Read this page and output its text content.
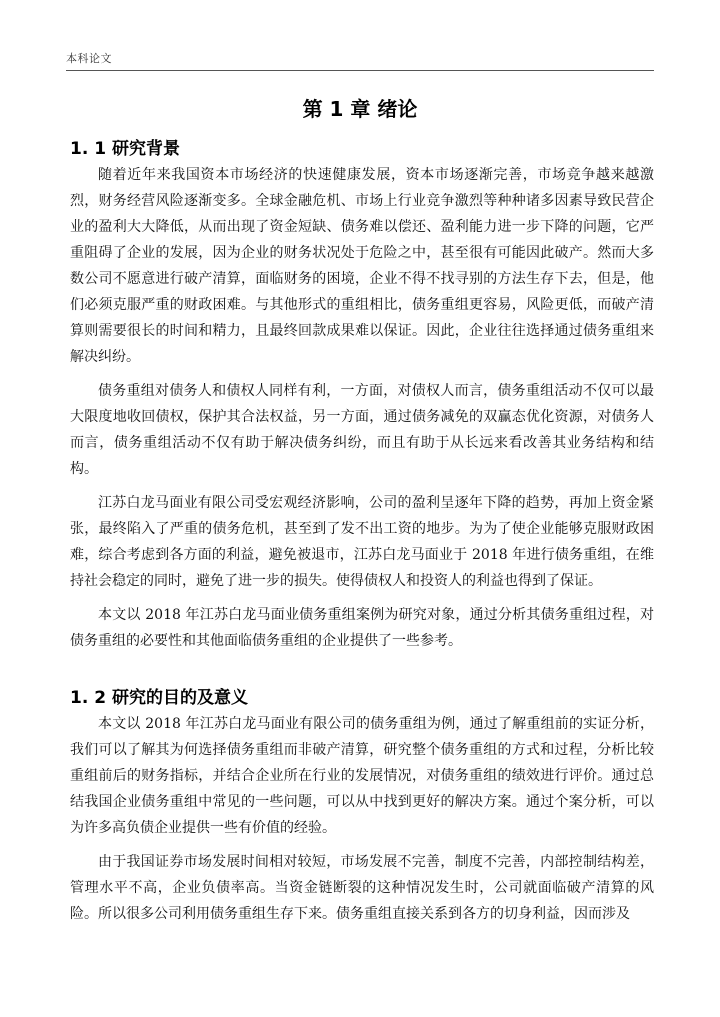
本科论文
第 1 章 绪论
1. 1 研究背景

随着近年来我国资本市场经济的快速健康发展，资本市场逐渐完善，市场竞争越来越激烈，财务经营风险逐渐变多。全球金融危机、市场上行业竞争激烈等种种诸多因素导致民营企业的盈利大大降低，从而出现了资金短缺、债务难以偿还、盈利能力进一步下降的问题，它严重阻碍了企业的发展，因为企业的财务状况处于危险之中，甚至很有可能因此破产。然而大多数公司不愿意进行破产清算，面临财务的困境，企业不得不找寻别的方法生存下去，但是，他们必须克服严重的财政困难。与其他形式的重组相比，债务重组更容易，风险更低，而破产清算则需要很长的时间和精力，且最终回款成果难以保证。因此，企业往往选择通过债务重组来解决纠纷。

债务重组对债务人和债权人同样有利，一方面，对债权人而言，债务重组活动不仅可以最大限度地收回债权，保护其合法权益，另一方面，通过债务减免的双赢态优化资源，对债务人而言，债务重组活动不仅有助于解决债务纠纷，而且有助于从长远来看改善其业务结构和结构。

江苏白龙马面业有限公司受宏观经济影响，公司的盈利呈逐年下降的趋势，再加上资金紧张，最终陷入了严重的债务危机，甚至到了发不出工资的地步。为为了使企业能够克服财政困难，综合考虑到各方面的利益，避免被退市，江苏白龙马面业于 2018 年进行债务重组，在维持社会稳定的同时，避免了进一步的损失。使得债权人和投资人的利益也得到了保证。

本文以 2018 年江苏白龙马面业债务重组案例为研究对象，通过分析其债务重组过程，对债务重组的必要性和其他面临债务重组的企业提供了一些参考。

1. 2 研究的目的及意义

本文以 2018 年江苏白龙马面业有限公司的债务重组为例，通过了解重组前的实证分析，我们可以了解其为何选择债务重组而非破产清算，研究整个债务重组的方式和过程，分析比较重组前后的财务指标，并结合企业所在行业的发展情况，对债务重组的绩效进行评价。通过总结我国企业债务重组中常见的一些问题，可以从中找到更好的解决方案。通过个案分析，可以为许多高负债企业提供一些有价值的经验。

由于我国证券市场发展时间相对较短，市场发展不完善，制度不完善，内部控制结构差，管理水平不高，企业负债率高。当资金链断裂的这种情况发生时，公司就面临破产清算的风险。所以很多公司利用债务重组生存下来。债务重组直接关系到各方的切身利益，因而涉及
